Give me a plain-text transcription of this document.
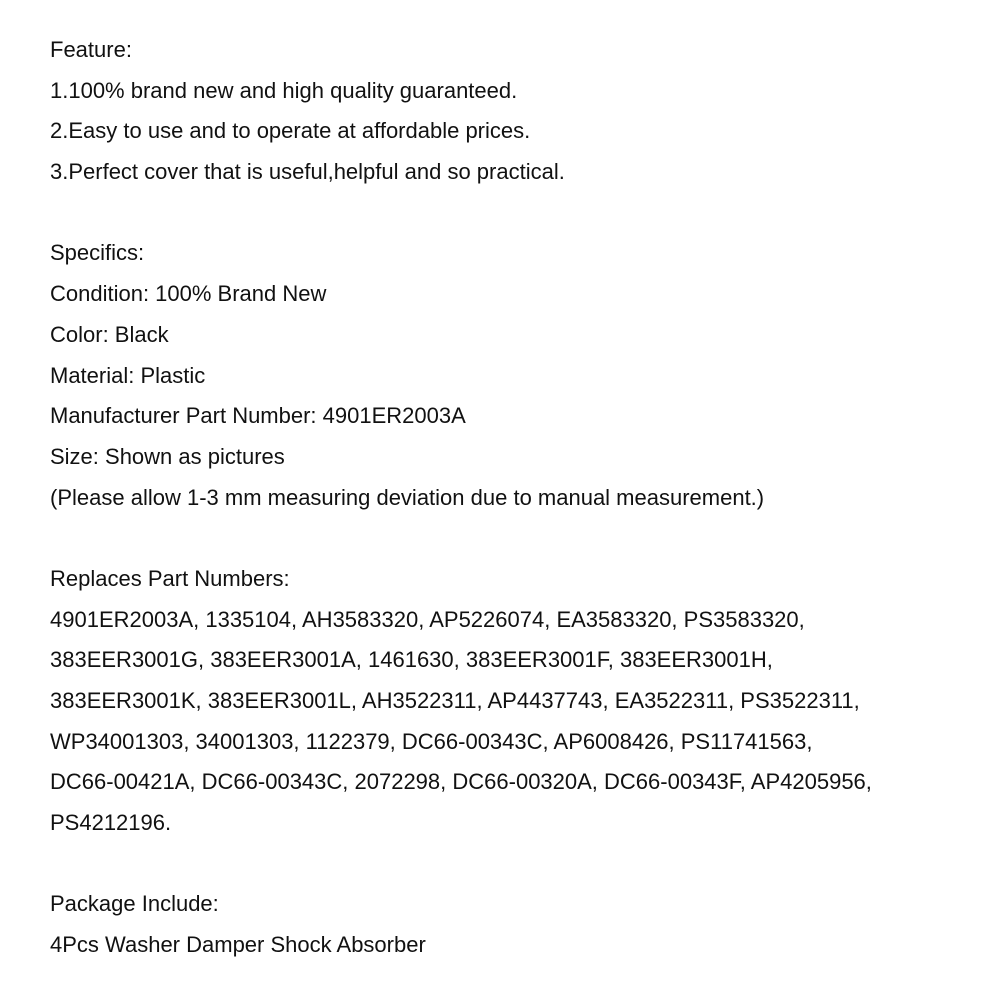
Feature:
1.100% brand new and high quality guaranteed.
2.Easy to use and to operate at affordable prices.
3.Perfect cover that is useful,helpful and so practical.
Specifics:
Condition: 100% Brand New
Color: Black
Material: Plastic
Manufacturer Part Number: 4901ER2003A
Size: Shown as pictures
(Please allow 1-3 mm measuring deviation due to manual measurement.)
Replaces Part Numbers:
4901ER2003A, 1335104, AH3583320, AP5226074, EA3583320, PS3583320,
383EER3001G, 383EER3001A, 1461630, 383EER3001F, 383EER3001H,
383EER3001K, 383EER3001L, AH3522311, AP4437743, EA3522311, PS3522311,
WP34001303, 34001303, 1122379, DC66-00343C, AP6008426, PS11741563,
DC66-00421A, DC66-00343C, 2072298, DC66-00320A, DC66-00343F, AP4205956,
PS4212196.
Package Include:
4Pcs Washer Damper Shock Absorber
